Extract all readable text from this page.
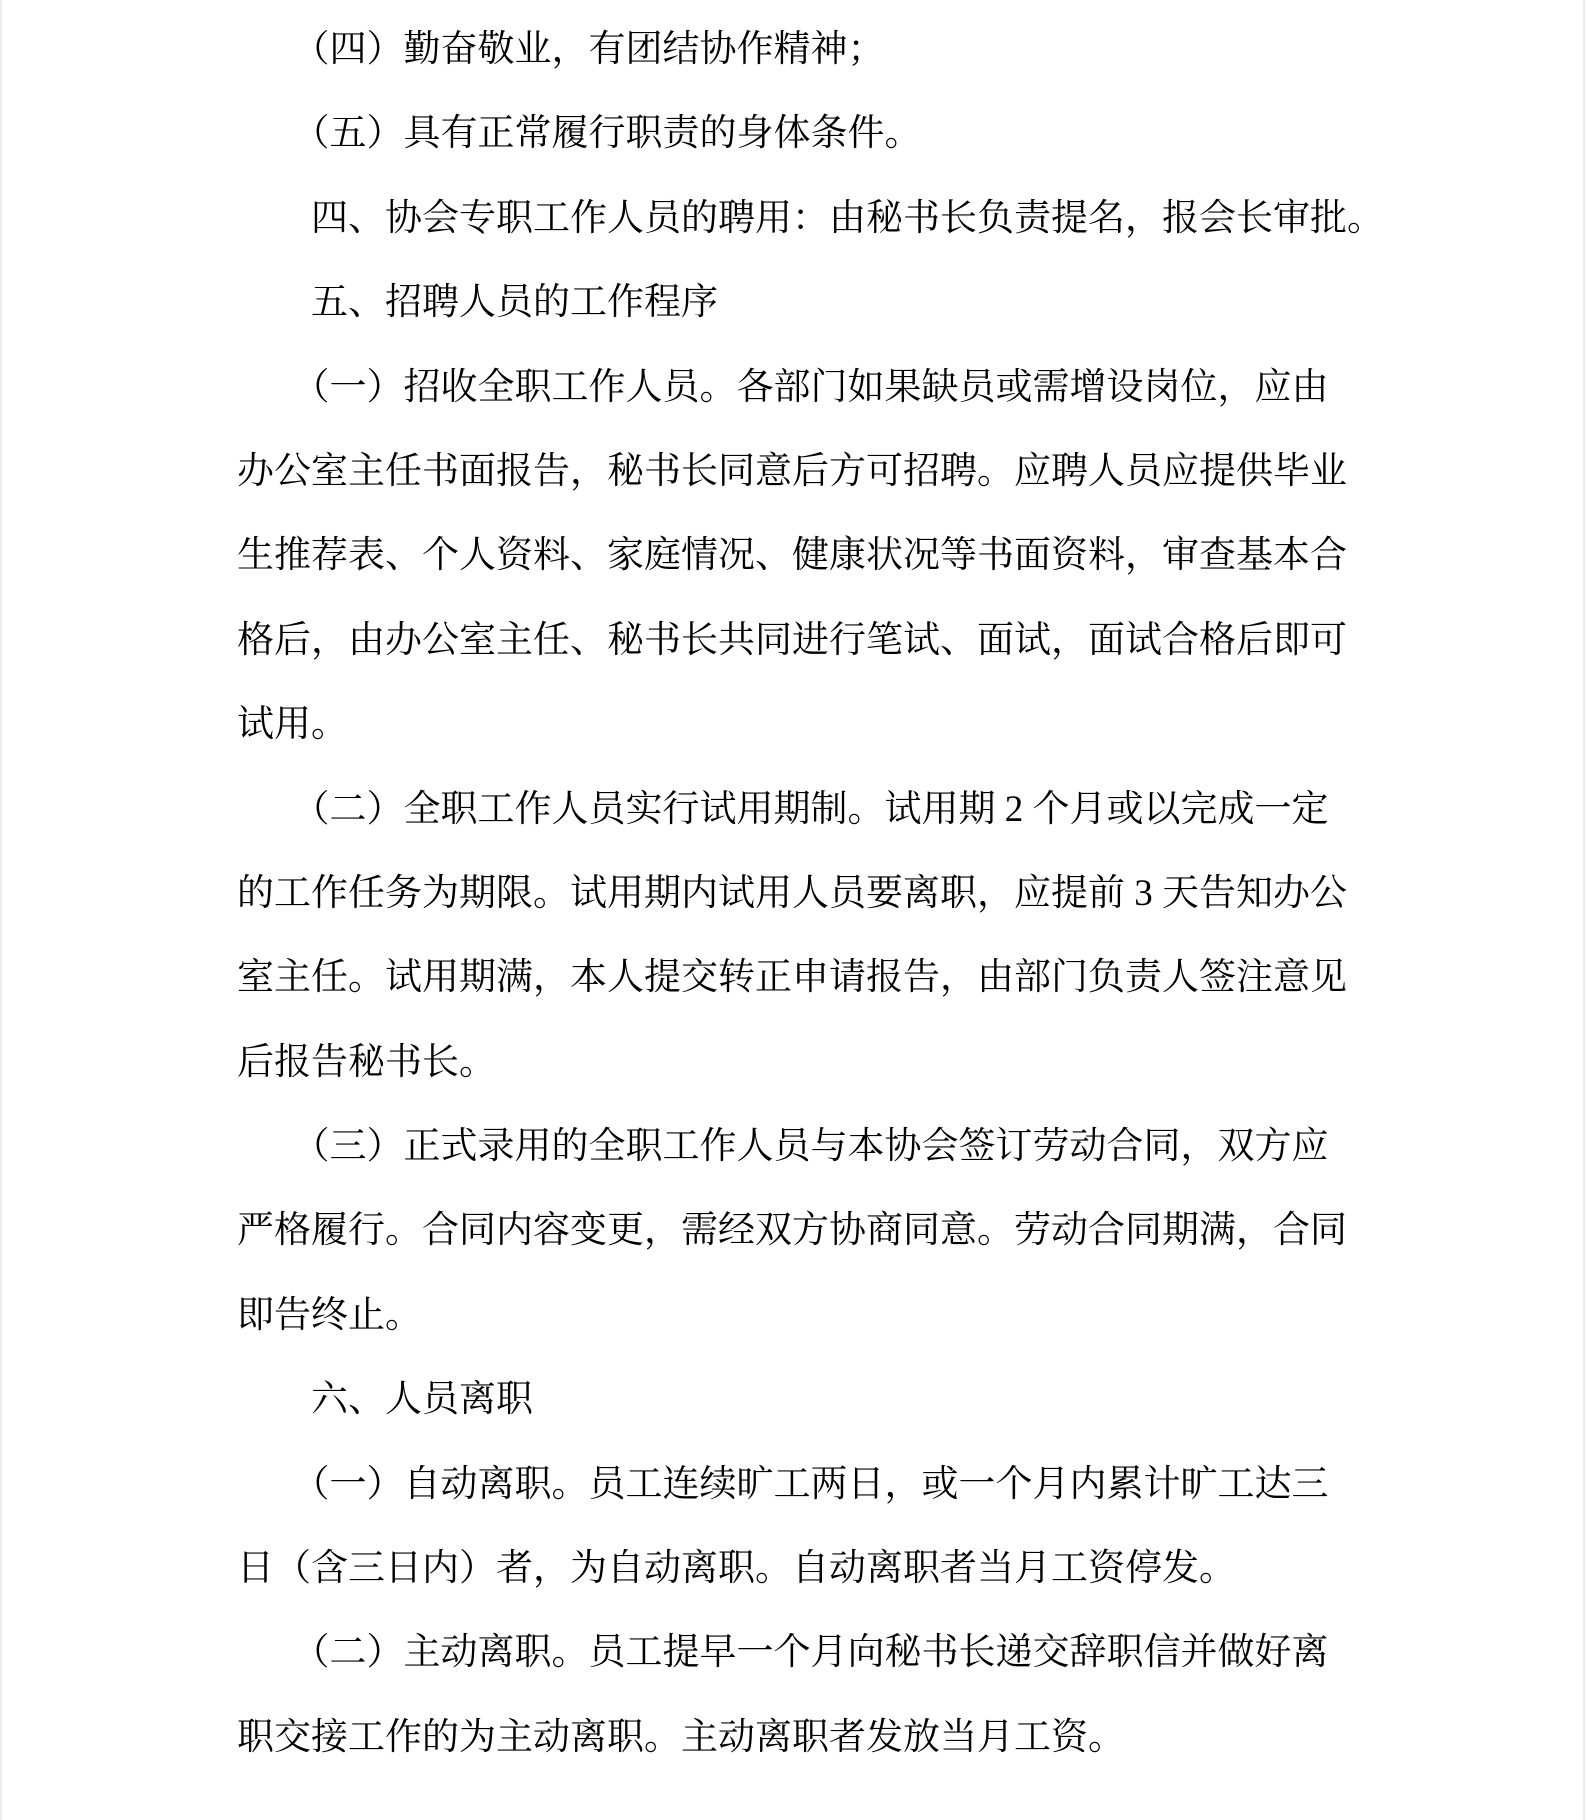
　　（四）勤奋敬业，有团结协作精神；
　　（五）具有正常履行职责的身体条件。
　　四、协会专职工作人员的聘用：由秘书长负责提名，报会长审批。
　　五、招聘人员的工作程序
　　（一）招收全职工作人员。各部门如果缺员或需增设岗位，应由
办公室主任书面报告，秘书长同意后方可招聘。应聘人员应提供毕业
生推荐表、个人资料、家庭情况、健康状况等书面资料，审查基本合
格后，由办公室主任、秘书长共同进行笔试、面试，面试合格后即可
试用。
　　（二）全职工作人员实行试用期制。试用期 2 个月或以完成一定
的工作任务为期限。试用期内试用人员要离职，应提前 3 天告知办公
室主任。试用期满，本人提交转正申请报告，由部门负责人签注意见
后报告秘书长。
　　（三）正式录用的全职工作人员与本协会签订劳动合同，双方应
严格履行。合同内容变更，需经双方协商同意。劳动合同期满，合同
即告终止。
　　六、人员离职
　　（一）自动离职。员工连续旷工两日，或一个月内累计旷工达三
日（含三日内）者，为自动离职。自动离职者当月工资停发。
　　（二）主动离职。员工提早一个月向秘书长递交辞职信并做好离
职交接工作的为主动离职。主动离职者发放当月工资。
